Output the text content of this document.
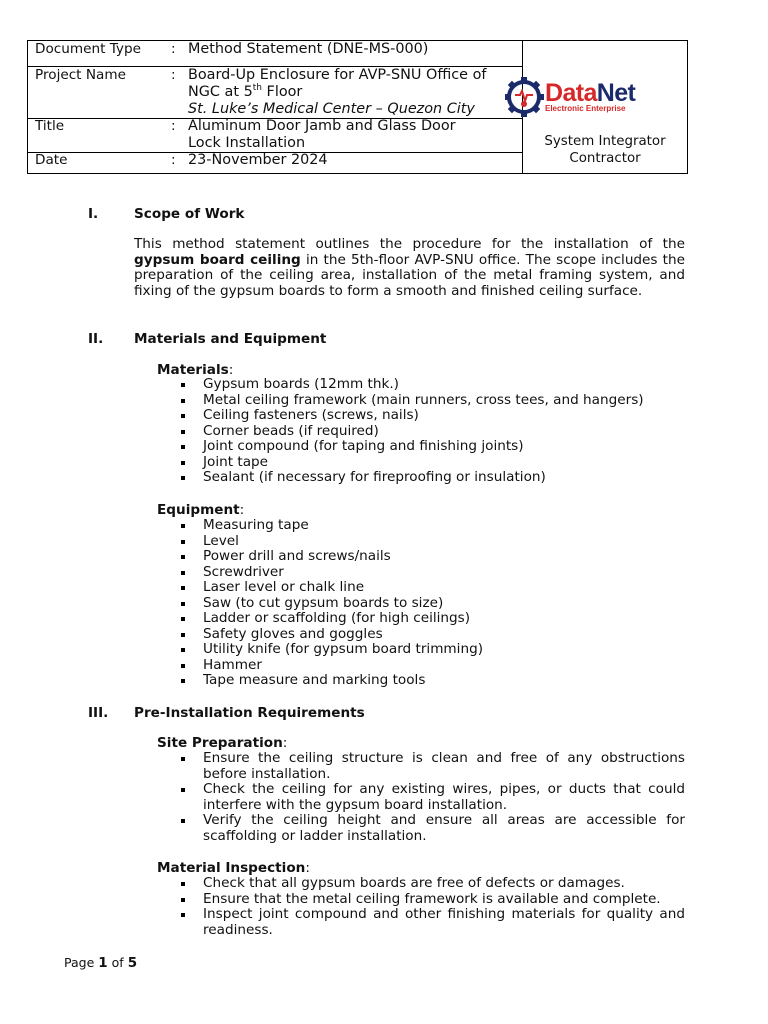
Document Type : Method Statement (DNE-MS-000)
Project Name	: Board-Up Enclosure for AVP-SNU Office of
NGC at 5th Floor
St. Luke’s Medical Center – Quezon City
Title	: Aluminum Door Jamb and Glass Door
Lock Installation
Date	: 23-November 2024
System Integrator
Contractor
DataNet
Electronic Enterprise
I.	Scope of Work
This method statement outlines the procedure for the installation of the gypsum board ceiling in the 5th-floor AVP-SNU office. The scope includes the preparation of the ceiling area, installation of the metal framing system, and fixing of the gypsum boards to form a smooth and finished ceiling surface.
II. Materials and Equipment
Materials:
Gypsum boards (12mm thk.)
Metal ceiling framework (main runners, cross tees, and hangers)
Ceiling fasteners (screws, nails)
Corner beads (if required)
Joint compound (for taping and finishing joints)
Joint tape
Sealant (if necessary for fireproofing or insulation)
Equipment:
Measuring tape
Level
Power drill and screws/nails
Screwdriver
Laser level or chalk line
Saw (to cut gypsum boards to size)
Ladder or scaffolding (for high ceilings)
Safety gloves and goggles
Utility knife (for gypsum board trimming)
Hammer
Tape measure and marking tools
III. Pre-Installation Requirements
Site Preparation:
Ensure the ceiling structure is clean and free of any obstructions before installation.
Check the ceiling for any existing wires, pipes, or ducts that could interfere with the gypsum board installation.
Verify the ceiling height and ensure all areas are accessible for scaffolding or ladder installation.
Material Inspection:
Check that all gypsum boards are free of defects or damages.
Ensure that the metal ceiling framework is available and complete.
Inspect joint compound and other finishing materials for quality and readiness.
Page 1 of 5
